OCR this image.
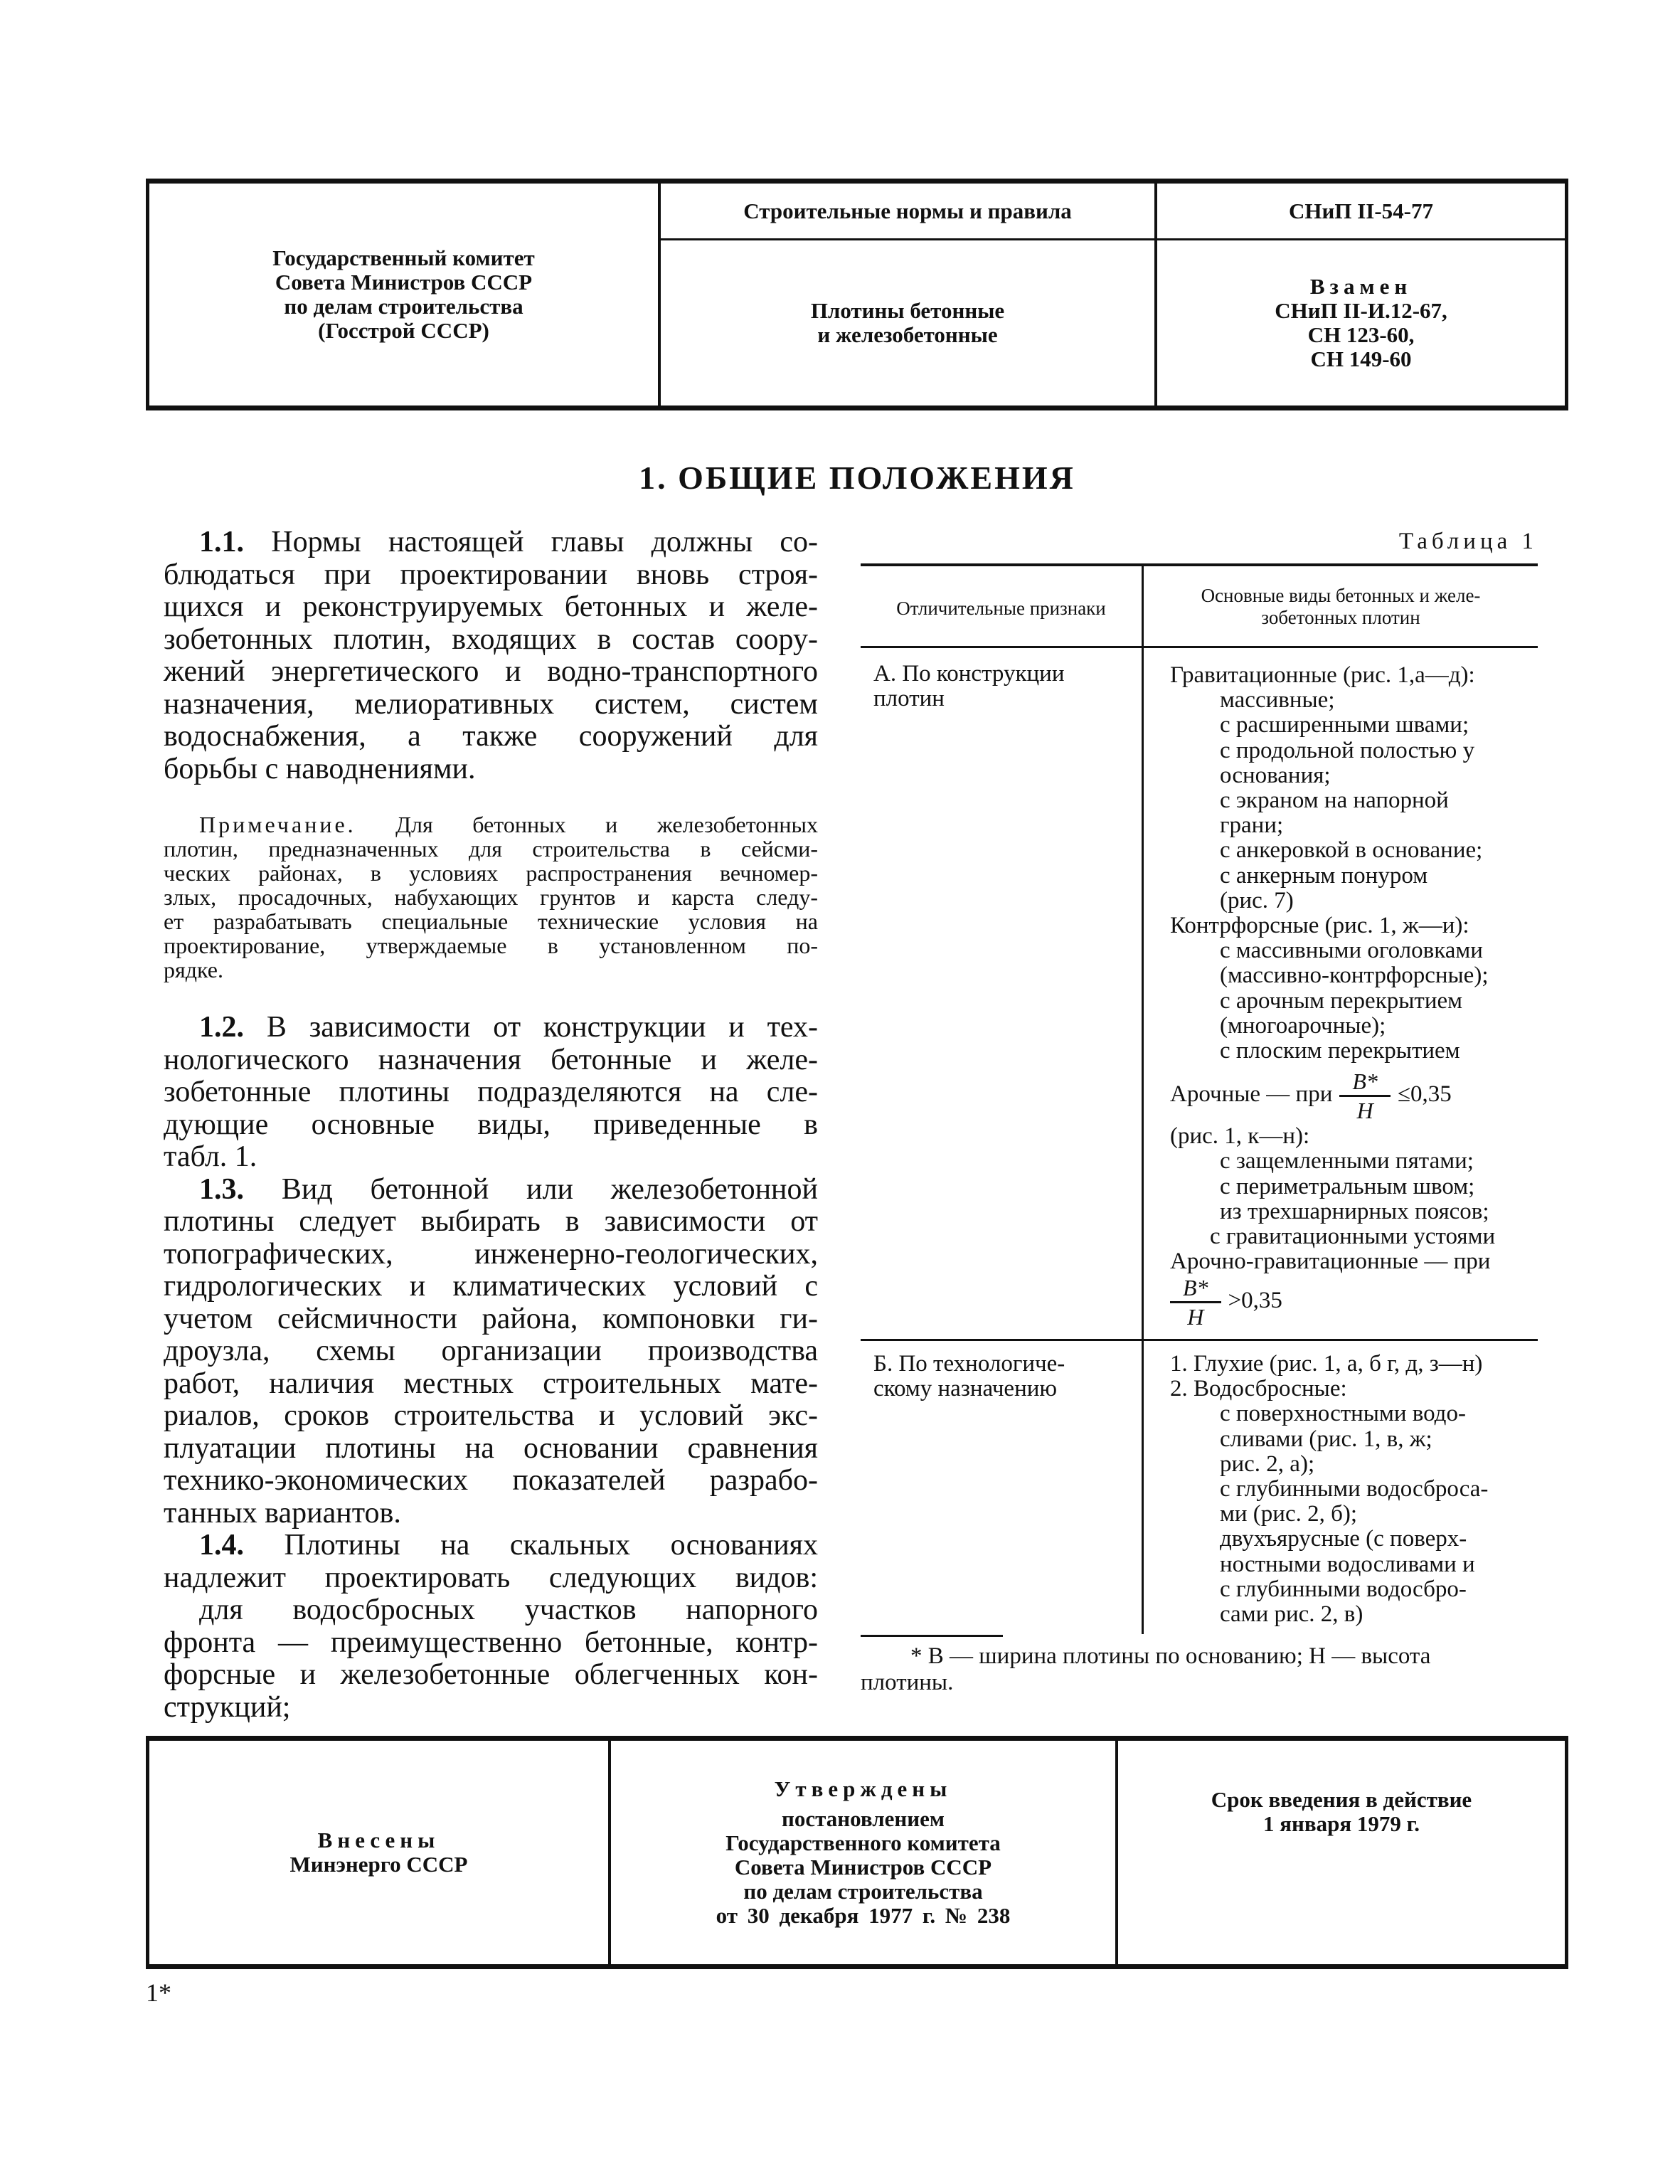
Государственный комитет
Совета Министров СССР
по делам строительства
(Госстрой СССР)
Строительные нормы и правила	СНиП II-54-77
Плотины бетонные
и железобетонные
Взамен
СНиП II-И.12-67,
СН 123-60,
СН 149-60
1. ОБЩИЕ ПОЛОЖЕНИЯ
1.1. Нормы настоящей главы должны со-
блюдаться при проектировании вновь строя-
щихся и реконструируемых бетонных и желе-
зобетонных плотин, входящих в состав соору-
жений энергетического и водно-транспортного
назначения, мелиоративных систем, систем
водоснабжения, а также сооружений для
борьбы с наводнениями.
Примечание. Для бетонных и железобетонных
плотин, предназначенных для строительства в сейсми-
ческих районах, в условиях распространения вечномер-
злых, просадочных, набухающих грунтов и карста следу-
ет разрабатывать специальные технические условия на
проектирование, утверждаемые в установленном по-
рядке.
1.2. В зависимости от конструкции и тех-
нологического назначения бетонные и желе-
зобетонные плотины подразделяются на сле-
дующие основные виды, приведенные в
табл. 1.
1.3. Вид бетонной или железобетонной
плотины следует выбирать в зависимости от
топографических, инженерно-геологических,
гидрологических и климатических условий с
учетом сейсмичности района, компоновки ги-
дроузла, схемы организации производства
работ, наличия местных строительных мате-
риалов, сроков строительства и условий экс-
плуатации плотины на основании сравнения
технико-экономических показателей разрабо-
танных вариантов.
1.4. Плотины на скальных основаниях
надлежит проектировать следующих видов:
для водосбросных участков напорного
фронта — преимущественно бетонные, контр-
форсные и железобетонные облегченных кон-
струкций;
Таблица 1
Отличительные признаки
Основные виды бетонных и желе-
зобетонных плотин
А. По конструкции
плотин
Гравитационные (рис. 1,а—д):
массивные;
с расширенными швами;
с продольной полостью у
основания;
с экраном на напорной
грани;
с анкеровкой в основание;
с анкерным понуром
(рис. 7)
Контрфорсные (рис. 1, ж—и):
с массивными оголовками
(массивно-контрфорсные);
с арочным перекрытием
(многоарочные);
с плоским перекрытием
Арочные — при $\frac{B*}{H} \le 0,35$
(рис. 1, к—н):
с защемленными пятами;
с периметральным швом;
из трехшарнирных поясов;
с гравитационными устоями
Арочно-гравитационные — при
$\frac{B*}{H} >0,35$
Б. По технологиче-
скому назначению
1. Глухие (рис. 1, а, б г, д, з—н)
2. Водосбросные:
с поверхностными водо-
сливами (рис. 1, в, ж;
рис. 2, а);
с глубинными водосброса-
ми (рис. 2, б);
двухъярусные (с поверх-
ностными водосливами и
с глубинными водосбро-
сами рис. 2, в)
* B — ширина плотины по основанию; H — высота
плотины.
Внесены
Минэнерго СССР
Утверждены
постановлением
Государственного комитета
Совета Министров СССР
по делам строительства
от 30 декабря 1977 г. № 238
Срок введения в действие
1 января 1979 г.
1*
